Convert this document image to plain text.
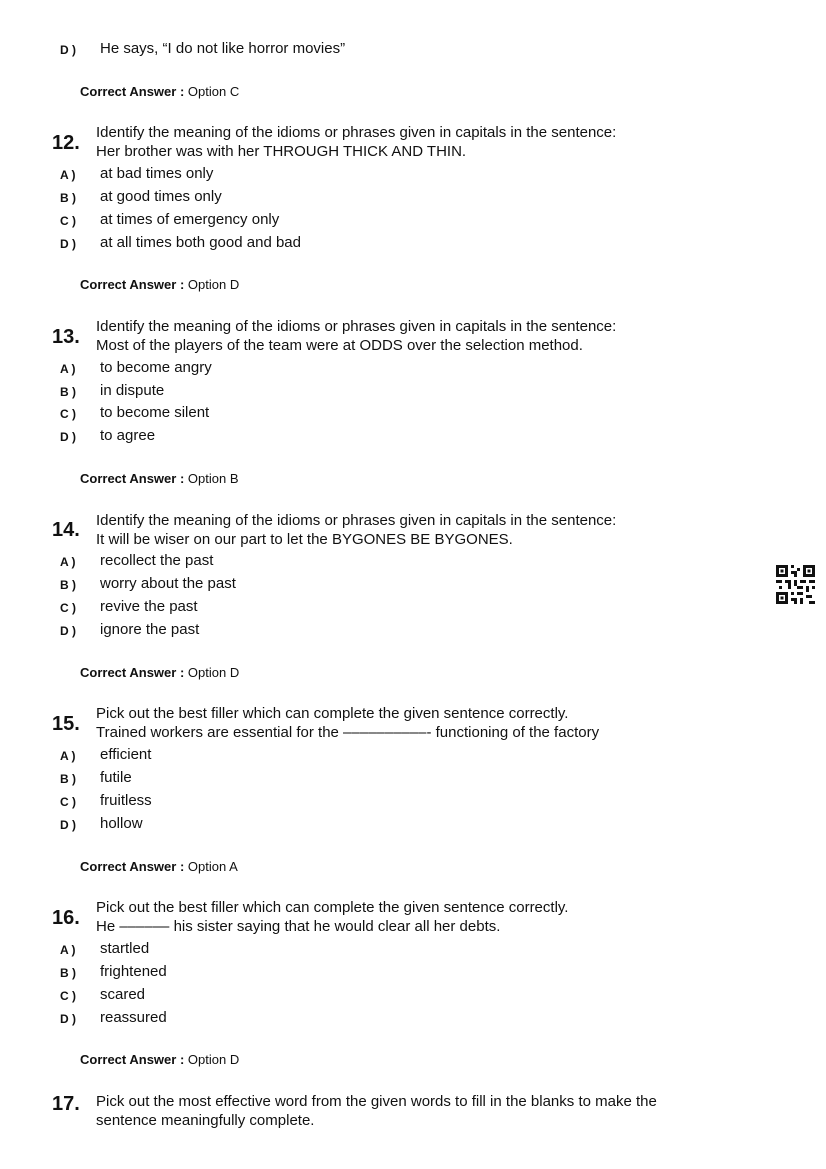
D ) He says, “I do not like horror movies”
Correct Answer : Option C
12. Identify the meaning of the idioms or phrases given in capitals in the sentence:
Her brother was with her THROUGH THICK AND THIN.
A ) at bad times only
B ) at good times only
C ) at times of emergency only
D ) at all times both good and bad
Correct Answer : Option D
13. Identify the meaning of the idioms or phrases given in capitals in the sentence:
Most of the players of the team were at ODDS over the selection method.
A ) to become angry
B ) in dispute
C ) to become silent
D ) to agree
Correct Answer : Option B
14. Identify the meaning of the idioms or phrases given in capitals in the sentence:
It will be wiser on our part to let the BYGONES BE BYGONES.
A ) recollect the past
B ) worry about the past
C ) revive the past
D ) ignore the past
Correct Answer : Option D
15. Pick out the best filler which can complete the given sentence correctly.
Trained workers are essential for the ––––––––––- functioning of the factory
A ) efficient
B ) futile
C ) fruitless
D ) hollow
Correct Answer : Option A
16. Pick out the best filler which can complete the given sentence correctly.
He –––––– his sister saying that he would clear all her debts.
A ) startled
B ) frightened
C ) scared
D ) reassured
Correct Answer : Option D
17. Pick out the most effective word from the given words to fill in the blanks to make the
sentence meaningfully complete.
